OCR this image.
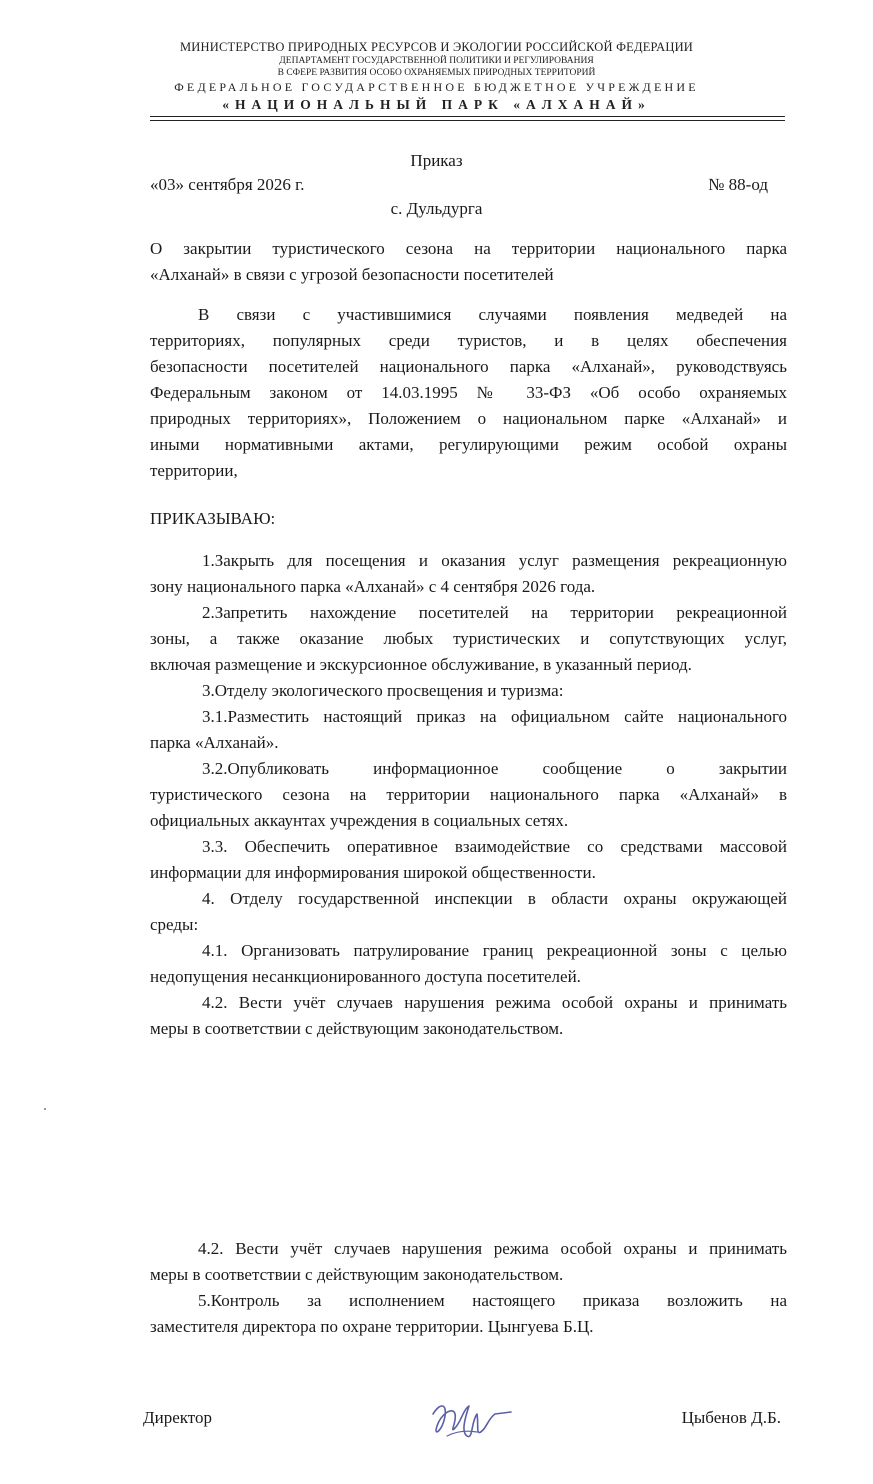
МИНИСТЕРСТВО ПРИРОДНЫХ РЕСУРСОВ И ЭКОЛОГИИ РОССИЙСКОЙ ФЕДЕРАЦИИ
ДЕПАРТАМЕНТ ГОСУДАРСТВЕННОЙ ПОЛИТИКИ И РЕГУЛИРОВАНИЯ
В СФЕРЕ РАЗВИТИЯ ОСОБО ОХРАНЯЕМЫХ ПРИРОДНЫХ ТЕРРИТОРИЙ
ФЕДЕРАЛЬНОЕ ГОСУДАРСТВЕННОЕ БЮДЖЕТНОЕ УЧРЕЖДЕНИЕ
«НАЦИОНАЛЬНЫЙ ПАРК «АЛХАНАЙ»
Приказ
«03» сентября 2026 г.	№ 88-од
с. Дульдурга
О закрытии туристического сезона на территории национального парка
«Алханай» в связи с угрозой безопасности посетителей
В связи с участившимися случаями появления медведей на
территориях, популярных среди туристов, и в целях обеспечения
безопасности посетителей национального парка «Алханай», руководствуясь
Федеральным законом от 14.03.1995 № 33-ФЗ «Об особо охраняемых
природных территориях», Положением о национальном парке «Алханай» и
иными нормативными актами, регулирующими режим особой охраны
территории,
ПРИКАЗЫВАЮ:
1.Закрыть для посещения и оказания услуг размещения рекреационную
зону национального парка «Алханай» с 4 сентября 2026 года.
2.Запретить нахождение посетителей на территории рекреационной
зоны, а также оказание любых туристических и сопутствующих услуг,
включая размещение и экскурсионное обслуживание, в указанный период.
3.Отделу экологического просвещения и туризма:
3.1.Разместить настоящий приказ на официальном сайте национального
парка «Алханай».
3.2.Опубликовать информационное сообщение о закрытии
туристического сезона на территории национального парка «Алханай» в
официальных аккаунтах учреждения в социальных сетях.
3.3. Обеспечить оперативное взаимодействие со средствами массовой
информации для информирования широкой общественности.
4. Отделу государственной инспекции в области охраны окружающей
среды:
4.1. Организовать патрулирование границ рекреационной зоны с целью
недопущения несанкционированного доступа посетителей.
4.2. Вести учёт случаев нарушения режима особой охраны и принимать
меры в соответствии с действующим законодательством.
4.2. Вести учёт случаев нарушения режима особой охраны и принимать
меры в соответствии с действующим законодательством.
5.Контроль за исполнением настоящего приказа возложить на
заместителя директора по охране территории. Цынгуева Б.Ц.
Директор	Цыбенов Д.Б.
